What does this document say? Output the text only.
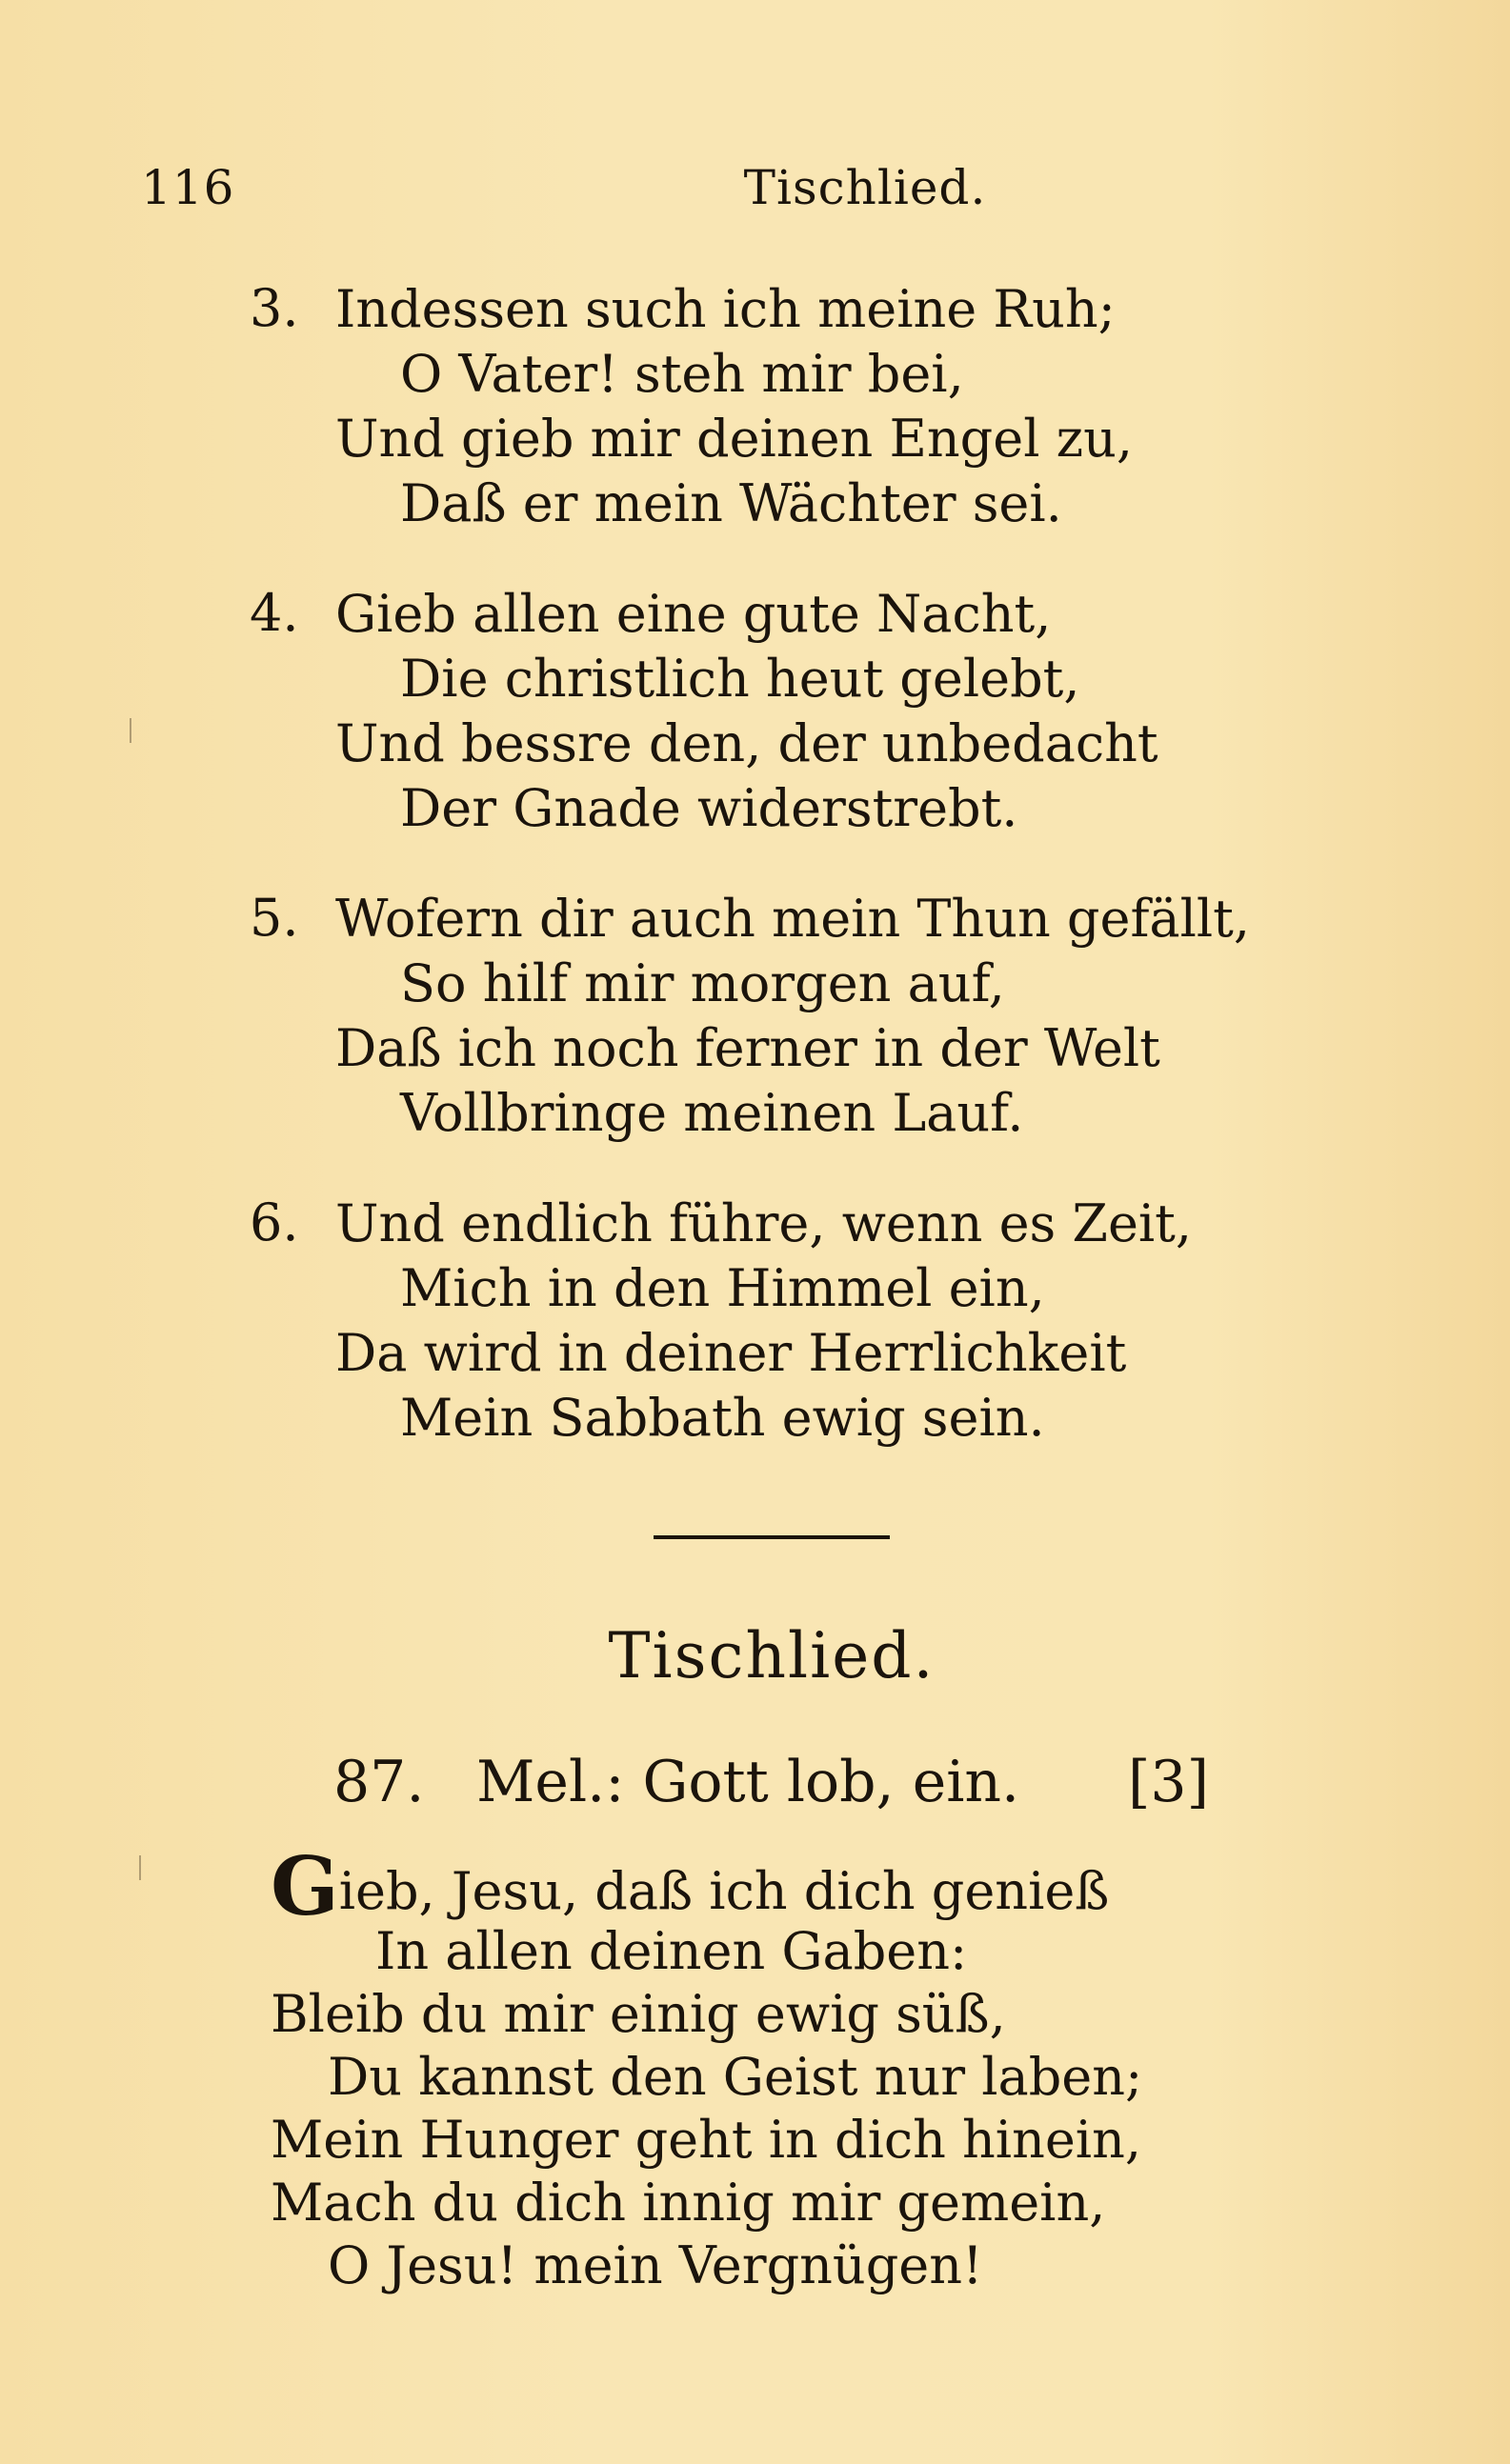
116	Tischlied.
3. Indessen such ich meine Ruh;
O Vater! steh mir bei,
Und gieb mir deinen Engel zu,
Daß er mein Wächter sei.
4. Gieb allen eine gute Nacht,
Die christlich heut gelebt,
Und bessre den, der unbedacht
Der Gnade widerstrebt.
5. Wofern dir auch mein Thun gefällt,
So hilf mir morgen auf,
Daß ich noch ferner in der Welt
Vollbringe meinen Lauf.
6. Und endlich führe, wenn es Zeit,
Mich in den Himmel ein,
Da wird in deiner Herrlichkeit
Mein Sabbath ewig sein.
Tischlied.
87. Mel.: Gott lob, ein. [3]
Gieb, Jesu, daß ich dich genieß
In allen deinen Gaben:
Bleib du mir einig ewig süß,
Du kannst den Geist nur laben;
Mein Hunger geht in dich hinein,
Mach du dich innig mir gemein,
O Jesu! mein Vergnügen!
